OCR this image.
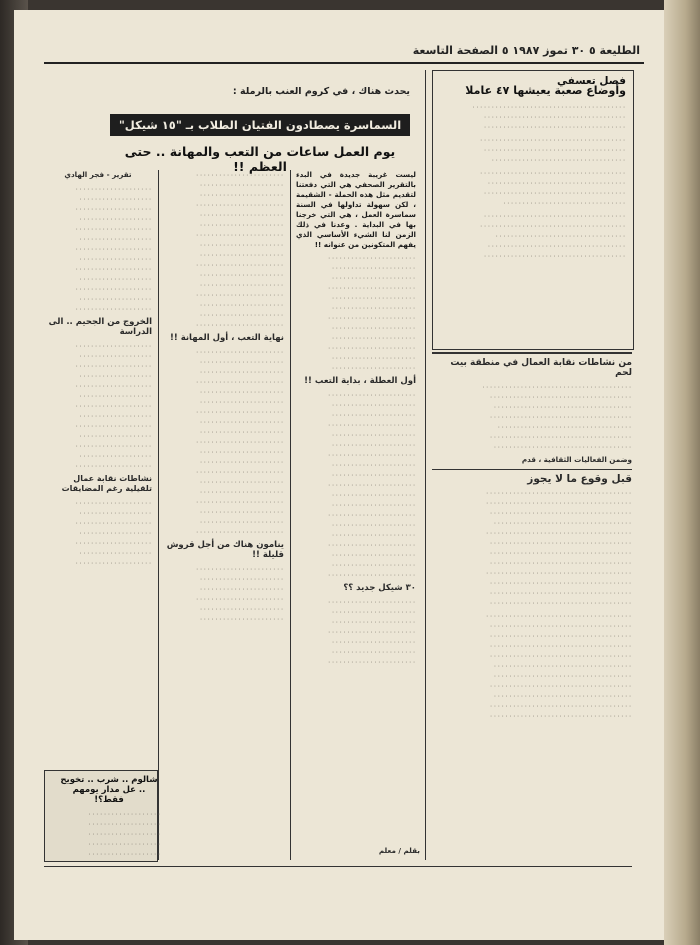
الطليعة ٥ ٣٠ تموز ١٩٨٧ ٥ الصفحة التاسعة
فصل تعسفي
وأوضاع صعبة يعيشها ٤٧ عاملا

٠٠٠٠٠٠٠٠٠٠٠٠٠٠٠٠٠٠٠٠٠٠٠٠٠٠٠٠٠٠٠٠٠٠٠٠٠٠٠٠ ٠٠٠٠٠٠٠٠٠٠٠٠٠٠٠٠٠٠٠٠٠٠٠٠٠٠٠٠٠٠٠٠٠٠٠٠٠ ٠٠٠٠٠٠٠٠٠٠٠٠٠٠٠٠٠٠٠٠٠٠٠٠٠٠٠٠٠٠٠٠٠٠٠٠٠

٠٠٠٠٠٠٠٠٠٠٠٠٠٠٠٠٠٠٠٠٠٠٠٠٠٠٠٠٠٠٠٠٠٠٠٠٠٠ ٠٠٠٠٠٠٠٠٠٠٠٠٠٠٠٠٠٠٠٠٠٠٠٠٠٠٠٠٠٠٠٠٠٠٠٠٠ ٠٠٠٠٠٠٠٠٠٠٠٠٠٠٠٠٠٠٠٠٠٠٠٠٠٠٠٠٠٠٠٠٠٠٠

٠٠٠٠٠٠٠٠٠٠٠٠٠٠٠٠٠٠٠٠٠٠٠٠٠٠٠٠٠٠٠٠٠٠٠٠٠٠ ٠٠٠٠٠٠٠٠٠٠٠٠٠٠٠٠٠٠٠٠٠٠٠٠٠٠٠٠٠٠٠٠٠٠٠٠ ٠٠٠٠٠٠٠٠٠٠٠٠٠٠٠٠٠٠٠٠٠٠٠٠٠٠٠٠٠٠٠٠٠٠٠٠٠ ٠٠٠٠٠٠٠٠٠٠٠٠٠٠٠٠٠٠٠٠٠٠٠٠٠٠٠٠٠٠٠٠

٠٠٠٠٠٠٠٠٠٠٠٠٠٠٠٠٠٠٠٠٠٠٠٠٠٠٠٠٠٠٠٠٠٠٠٠٠ ٠٠٠٠٠٠٠٠٠٠٠٠٠٠٠٠٠٠٠٠٠٠٠٠٠٠٠٠٠٠٠٠٠٠٠٠٠٠ ٠٠٠٠٠٠٠٠٠٠٠٠٠٠٠٠٠٠٠٠٠٠٠٠٠٠٠٠٠٠٠٠٠٠ ٠٠٠٠٠٠٠٠٠٠٠٠٠٠٠٠٠٠٠٠٠٠٠٠٠٠٠٠٠٠٠٠٠٠٠٠ ٠٠٠٠٠٠٠٠٠٠٠٠٠٠٠٠٠٠٠٠٠٠٠٠٠٠٠٠٠٠٠٠٠٠٠٠٠

من نشاطات نقابة العمال في منطقة بيت لحم

٠٠٠٠٠٠٠٠٠٠٠٠٠٠٠٠٠٠٠٠٠٠٠٠٠٠٠٠٠٠٠٠٠٠٠٠٠٠٠ ٠٠٠٠٠٠٠٠٠٠٠٠٠٠٠٠٠٠٠٠٠٠٠٠٠٠٠٠٠٠٠٠٠٠٠٠٠ ٠٠٠٠٠٠٠٠٠٠٠٠٠٠٠٠٠٠٠٠٠٠٠٠٠٠٠٠٠٠٠٠٠٠٠٠ ٠٠٠٠٠٠٠٠٠٠٠٠٠٠٠٠٠٠٠٠٠٠٠٠٠٠٠٠٠٠٠٠٠٠٠٠٠ ٠٠٠٠٠٠٠٠٠٠٠٠٠٠٠٠٠٠٠٠٠٠٠٠٠٠٠٠٠٠٠٠٠٠٠ ٠٠٠٠٠٠٠٠٠٠٠٠٠٠٠٠٠٠٠٠٠٠٠٠٠٠٠٠٠٠٠٠٠٠٠٠٠ ٠٠٠٠٠٠٠٠٠٠٠٠٠٠٠٠٠٠٠٠٠٠٠٠٠٠٠٠٠٠٠٠٠٠٠٠

وضمن الفعاليات الثقافية ، قدم
قبل وقوع ما لا يجوز

٠٠٠٠٠٠٠٠٠٠٠٠٠٠٠٠٠٠٠٠٠٠٠٠٠٠٠٠٠٠٠٠٠٠٠٠٠٠ ٠٠٠٠٠٠٠٠٠٠٠٠٠٠٠٠٠٠٠٠٠٠٠٠٠٠٠٠٠٠٠٠٠٠٠٠٠٠ ٠٠٠٠٠٠٠٠٠٠٠٠٠٠٠٠٠٠٠٠٠٠٠٠٠٠٠٠٠٠٠٠٠٠٠٠٠ ٠٠٠٠٠٠٠٠٠٠٠٠٠٠٠٠٠٠٠٠٠٠٠٠٠٠٠٠٠٠٠٠٠٠٠٠ ٠٠٠٠٠٠٠٠٠٠٠٠٠٠٠٠٠٠٠٠٠٠٠٠٠٠٠٠٠٠٠٠٠٠٠٠٠٠ ٠٠٠٠٠٠٠٠٠٠٠٠٠٠٠٠٠٠٠٠٠٠٠٠٠٠٠٠٠٠٠٠٠٠٠٠٠ ٠٠٠٠٠٠٠٠٠٠٠٠٠٠٠٠٠٠٠٠٠٠٠٠٠٠٠٠٠٠٠٠٠٠٠٠٠ ٠٠٠٠٠٠٠٠٠٠٠٠٠٠٠٠٠٠٠٠٠٠٠٠٠٠٠٠٠٠٠٠٠٠٠٠٠ ٠٠٠٠٠٠٠٠٠٠٠٠٠٠٠٠٠٠٠٠٠٠٠٠٠٠٠٠٠٠٠٠٠٠٠٠٠٠ ٠٠٠٠٠٠٠٠٠٠٠٠٠٠٠٠٠٠٠٠٠٠٠٠٠٠٠٠٠٠٠٠٠٠٠٠٠ ٠٠٠٠٠٠٠٠٠٠٠٠٠٠٠٠٠٠٠٠٠٠٠٠٠٠٠٠٠٠٠٠٠٠٠٠٠ ٠٠٠٠٠٠٠٠٠٠٠٠٠٠٠٠٠٠٠٠٠٠٠٠٠٠٠٠٠٠٠٠٠٠٠٠٠

٠٠٠٠٠٠٠٠٠٠٠٠٠٠٠٠٠٠٠٠٠٠٠٠٠٠٠٠٠٠٠٠٠٠٠٠٠٠ ٠٠٠٠٠٠٠٠٠٠٠٠٠٠٠٠٠٠٠٠٠٠٠٠٠٠٠٠٠٠٠٠٠٠٠٠٠ ٠٠٠٠٠٠٠٠٠٠٠٠٠٠٠٠٠٠٠٠٠٠٠٠٠٠٠٠٠٠٠٠٠٠٠٠٠ ٠٠٠٠٠٠٠٠٠٠٠٠٠٠٠٠٠٠٠٠٠٠٠٠٠٠٠٠٠٠٠٠٠٠٠٠٠ ٠٠٠٠٠٠٠٠٠٠٠٠٠٠٠٠٠٠٠٠٠٠٠٠٠٠٠٠٠٠٠٠٠٠٠٠٠ ٠٠٠٠٠٠٠٠٠٠٠٠٠٠٠٠٠٠٠٠٠٠٠٠٠٠٠٠٠٠٠٠٠٠٠٠ ٠٠٠٠٠٠٠٠٠٠٠٠٠٠٠٠٠٠٠٠٠٠٠٠٠٠٠٠٠٠٠٠٠٠٠٠ ٠٠٠٠٠٠٠٠٠٠٠٠٠٠٠٠٠٠٠٠٠٠٠٠٠٠٠٠٠٠٠٠٠٠٠٠٠ ٠٠٠٠٠٠٠٠٠٠٠٠٠٠٠٠٠٠٠٠٠٠٠٠٠٠٠٠٠٠٠٠٠٠٠٠ ٠٠٠٠٠٠٠٠٠٠٠٠٠٠٠٠٠٠٠٠٠٠٠٠٠٠٠٠٠٠٠٠٠٠٠٠٠ ٠٠٠٠٠٠٠٠٠٠٠٠٠٠٠٠٠٠٠٠٠٠٠٠٠٠٠٠٠٠٠٠٠٠٠٠٠

يحدث هناك ، في كروم العنب بالرملة :
السماسرة يصطادون الفتيان الطلاب بـ "١٥ شيكل"
يوم العمل ساعات من التعب والمهانة .. حتى العظم !!

ليست غريبة جديدة في البدء بالتقرير الصحفي هي التي دفعتنا لتقديم مثل هذه الحملة - الشقيمة ، لكن سهولة تداولها في السنة سماسرة العمل ، هي التي خرجنا بها في البداية . وعدنا في ذلك الزمن لنا الشيء الأساسي الذي يفهم المتكونين من عنوانه !!

٠٠٠٠٠٠٠٠٠٠٠٠٠٠٠٠٠٠٠٠٠٠٠ ٠٠٠٠٠٠٠٠٠٠٠٠٠٠٠٠٠٠٠٠٠٠ ٠٠٠٠٠٠٠٠٠٠٠٠٠٠٠٠٠٠٠٠٠٠ ٠٠٠٠٠٠٠٠٠٠٠٠٠٠٠٠٠٠٠٠٠٠٠ ٠٠٠٠٠٠٠٠٠٠٠٠٠٠٠٠٠٠٠٠٠٠ ٠٠٠٠٠٠٠٠٠٠٠٠٠٠٠٠٠٠٠٠٠٠ ٠٠٠٠٠٠٠٠٠٠٠٠٠٠٠٠٠٠٠٠٠٠٠ ٠٠٠٠٠٠٠٠٠٠٠٠٠٠٠٠٠٠٠٠٠٠ ٠٠٠٠٠٠٠٠٠٠٠٠٠٠٠٠٠٠٠٠٠٠ ٠٠٠٠٠٠٠٠٠٠٠٠٠٠٠٠٠٠٠٠٠٠٠ ٠٠٠٠٠٠٠٠٠٠٠٠٠٠٠٠٠٠٠٠٠٠ ٠٠٠٠٠٠٠٠٠٠٠٠٠٠٠٠٠٠٠٠٠٠

أول العطلة ، بداية التعب !!

٠٠٠٠٠٠٠٠٠٠٠٠٠٠٠٠٠٠٠٠٠٠٠ ٠٠٠٠٠٠٠٠٠٠٠٠٠٠٠٠٠٠٠٠٠٠ ٠٠٠٠٠٠٠٠٠٠٠٠٠٠٠٠٠٠٠٠٠٠ ٠٠٠٠٠٠٠٠٠٠٠٠٠٠٠٠٠٠٠٠٠٠٠ ٠٠٠٠٠٠٠٠٠٠٠٠٠٠٠٠٠٠٠٠٠٠ ٠٠٠٠٠٠٠٠٠٠٠٠٠٠٠٠٠٠٠٠٠٠ ٠٠٠٠٠٠٠٠٠٠٠٠٠٠٠٠٠٠٠٠٠٠٠ ٠٠٠٠٠٠٠٠٠٠٠٠٠٠٠٠٠٠٠٠٠٠ ٠٠٠٠٠٠٠٠٠٠٠٠٠٠٠٠٠٠٠٠٠٠ ٠٠٠٠٠٠٠٠٠٠٠٠٠٠٠٠٠٠٠٠٠٠٠ ٠٠٠٠٠٠٠٠٠٠٠٠٠٠٠٠٠٠٠٠٠٠ ٠٠٠٠٠٠٠٠٠٠٠٠٠٠٠٠٠٠٠٠٠٠ ٠٠٠٠٠٠٠٠٠٠٠٠٠٠٠٠٠٠٠٠٠٠٠ ٠٠٠٠٠٠٠٠٠٠٠٠٠٠٠٠٠٠٠٠٠٠ ٠٠٠٠٠٠٠٠٠٠٠٠٠٠٠٠٠٠٠٠٠٠ ٠٠٠٠٠٠٠٠٠٠٠٠٠٠٠٠٠٠٠٠٠٠٠ ٠٠٠٠٠٠٠٠٠٠٠٠٠٠٠٠٠٠٠٠٠٠ ٠٠٠٠٠٠٠٠٠٠٠٠٠٠٠٠٠٠٠٠٠٠ ٠٠٠٠٠٠٠٠٠٠٠٠٠٠٠٠٠٠٠٠٠٠٠

٣٠ شيكل جديد ؟؟

٠٠٠٠٠٠٠٠٠٠٠٠٠٠٠٠٠٠٠٠٠٠٠ ٠٠٠٠٠٠٠٠٠٠٠٠٠٠٠٠٠٠٠٠٠٠ ٠٠٠٠٠٠٠٠٠٠٠٠٠٠٠٠٠٠٠٠٠٠ ٠٠٠٠٠٠٠٠٠٠٠٠٠٠٠٠٠٠٠٠٠٠٠ ٠٠٠٠٠٠٠٠٠٠٠٠٠٠٠٠٠٠٠٠٠٠ ٠٠٠٠٠٠٠٠٠٠٠٠٠٠٠٠٠٠٠٠٠٠ ٠٠٠٠٠٠٠٠٠٠٠٠٠٠٠٠٠٠٠٠٠٠٠

٠٠٠٠٠٠٠٠٠٠٠٠٠٠٠٠٠٠٠٠٠٠٠ ٠٠٠٠٠٠٠٠٠٠٠٠٠٠٠٠٠٠٠٠٠٠ ٠٠٠٠٠٠٠٠٠٠٠٠٠٠٠٠٠٠٠٠٠٠ ٠٠٠٠٠٠٠٠٠٠٠٠٠٠٠٠٠٠٠٠٠٠٠ ٠٠٠٠٠٠٠٠٠٠٠٠٠٠٠٠٠٠٠٠٠٠ ٠٠٠٠٠٠٠٠٠٠٠٠٠٠٠٠٠٠٠٠٠٠ ٠٠٠٠٠٠٠٠٠٠٠٠٠٠٠٠٠٠٠٠٠٠٠ ٠٠٠٠٠٠٠٠٠٠٠٠٠٠٠٠٠٠٠٠٠٠ ٠٠٠٠٠٠٠٠٠٠٠٠٠٠٠٠٠٠٠٠٠٠ ٠٠٠٠٠٠٠٠٠٠٠٠٠٠٠٠٠٠٠٠٠٠٠ ٠٠٠٠٠٠٠٠٠٠٠٠٠٠٠٠٠٠٠٠٠٠ ٠٠٠٠٠٠٠٠٠٠٠٠٠٠٠٠٠٠٠٠٠٠ ٠٠٠٠٠٠٠٠٠٠٠٠٠٠٠٠٠٠٠٠٠٠٠ ٠٠٠٠٠٠٠٠٠٠٠٠٠٠٠٠٠٠٠٠٠٠ ٠٠٠٠٠٠٠٠٠٠٠٠٠٠٠٠٠٠٠٠٠٠ ٠٠٠٠٠٠٠٠٠٠٠٠٠٠٠٠٠٠٠٠٠٠٠

نهاية التعب ، أول المهانة !!

٠٠٠٠٠٠٠٠٠٠٠٠٠٠٠٠٠٠٠٠٠٠٠ ٠٠٠٠٠٠٠٠٠٠٠٠٠٠٠٠٠٠٠٠٠٠ ٠٠٠٠٠٠٠٠٠٠٠٠٠٠٠٠٠٠٠٠٠٠ ٠٠٠٠٠٠٠٠٠٠٠٠٠٠٠٠٠٠٠٠٠٠٠ ٠٠٠٠٠٠٠٠٠٠٠٠٠٠٠٠٠٠٠٠٠٠ ٠٠٠٠٠٠٠٠٠٠٠٠٠٠٠٠٠٠٠٠٠٠ ٠٠٠٠٠٠٠٠٠٠٠٠٠٠٠٠٠٠٠٠٠٠٠ ٠٠٠٠٠٠٠٠٠٠٠٠٠٠٠٠٠٠٠٠٠٠ ٠٠٠٠٠٠٠٠٠٠٠٠٠٠٠٠٠٠٠٠٠٠ ٠٠٠٠٠٠٠٠٠٠٠٠٠٠٠٠٠٠٠٠٠٠٠ ٠٠٠٠٠٠٠٠٠٠٠٠٠٠٠٠٠٠٠٠٠٠ ٠٠٠٠٠٠٠٠٠٠٠٠٠٠٠٠٠٠٠٠٠٠ ٠٠٠٠٠٠٠٠٠٠٠٠٠٠٠٠٠٠٠٠٠٠٠ ٠٠٠٠٠٠٠٠٠٠٠٠٠٠٠٠٠٠٠٠٠٠ ٠٠٠٠٠٠٠٠٠٠٠٠٠٠٠٠٠٠٠٠٠٠ ٠٠٠٠٠٠٠٠٠٠٠٠٠٠٠٠٠٠٠٠٠٠٠ ٠٠٠٠٠٠٠٠٠٠٠٠٠٠٠٠٠٠٠٠٠٠ ٠٠٠٠٠٠٠٠٠٠٠٠٠٠٠٠٠٠٠٠٠٠ ٠٠٠٠٠٠٠٠٠٠٠٠٠٠٠٠٠٠٠٠٠٠٠

ينامون هناك من أجل قروش قليلة !!

٠٠٠٠٠٠٠٠٠٠٠٠٠٠٠٠٠٠٠٠٠٠٠ ٠٠٠٠٠٠٠٠٠٠٠٠٠٠٠٠٠٠٠٠٠٠ ٠٠٠٠٠٠٠٠٠٠٠٠٠٠٠٠٠٠٠٠٠٠ ٠٠٠٠٠٠٠٠٠٠٠٠٠٠٠٠٠٠٠٠٠٠٠ ٠٠٠٠٠٠٠٠٠٠٠٠٠٠٠٠٠٠٠٠٠٠ ٠٠٠٠٠٠٠٠٠٠٠٠٠٠٠٠٠٠٠٠٠٠

تقرير - فجر الهادي

٠٠٠٠٠٠٠٠٠٠٠٠٠٠٠٠٠٠٠٠ ٠٠٠٠٠٠٠٠٠٠٠٠٠٠٠٠٠٠٠ ٠٠٠٠٠٠٠٠٠٠٠٠٠٠٠٠٠٠٠٠ ٠٠٠٠٠٠٠٠٠٠٠٠٠٠٠٠٠٠٠ ٠٠٠٠٠٠٠٠٠٠٠٠٠٠٠٠٠٠٠٠ ٠٠٠٠٠٠٠٠٠٠٠٠٠٠٠٠٠٠٠ ٠٠٠٠٠٠٠٠٠٠٠٠٠٠٠٠٠٠٠٠ ٠٠٠٠٠٠٠٠٠٠٠٠٠٠٠٠٠٠٠ ٠٠٠٠٠٠٠٠٠٠٠٠٠٠٠٠٠٠٠٠ ٠٠٠٠٠٠٠٠٠٠٠٠٠٠٠٠٠٠٠ ٠٠٠٠٠٠٠٠٠٠٠٠٠٠٠٠٠٠٠٠ ٠٠٠٠٠٠٠٠٠٠٠٠٠٠٠٠٠٠٠ ٠٠٠٠٠٠٠٠٠٠٠٠٠٠٠٠٠٠٠٠

الخروج من الجحيم .. الى الدراسة

٠٠٠٠٠٠٠٠٠٠٠٠٠٠٠٠٠٠٠٠ ٠٠٠٠٠٠٠٠٠٠٠٠٠٠٠٠٠٠٠ ٠٠٠٠٠٠٠٠٠٠٠٠٠٠٠٠٠٠٠٠ ٠٠٠٠٠٠٠٠٠٠٠٠٠٠٠٠٠٠٠ ٠٠٠٠٠٠٠٠٠٠٠٠٠٠٠٠٠٠٠٠ ٠٠٠٠٠٠٠٠٠٠٠٠٠٠٠٠٠٠٠ ٠٠٠٠٠٠٠٠٠٠٠٠٠٠٠٠٠٠٠٠ ٠٠٠٠٠٠٠٠٠٠٠٠٠٠٠٠٠٠٠ ٠٠٠٠٠٠٠٠٠٠٠٠٠٠٠٠٠٠٠٠ ٠٠٠٠٠٠٠٠٠٠٠٠٠٠٠٠٠٠٠ ٠٠٠٠٠٠٠٠٠٠٠٠٠٠٠٠٠٠٠٠ ٠٠٠٠٠٠٠٠٠٠٠٠٠٠٠٠٠٠٠ ٠٠٠٠٠٠٠٠٠٠٠٠٠٠٠٠٠٠٠٠

نشاطات نقابة عمال تلقيلية رغم المضايقات

٠٠٠٠٠٠٠٠٠٠٠٠٠٠٠٠٠٠٠٠ ٠٠٠٠٠٠٠٠٠٠٠٠٠٠٠٠٠٠٠ ٠٠٠٠٠٠٠٠٠٠٠٠٠٠٠٠٠٠٠٠ ٠٠٠٠٠٠٠٠٠٠٠٠٠٠٠٠٠٠٠ ٠٠٠٠٠٠٠٠٠٠٠٠٠٠٠٠٠٠٠٠ ٠٠٠٠٠٠٠٠٠٠٠٠٠٠٠٠٠٠٠ ٠٠٠٠٠٠٠٠٠٠٠٠٠٠٠٠٠٠٠٠

شالوم .. شرب .. تخويح .. عل مدار يومهم فقط؟!

٠٠٠٠٠٠٠٠٠٠٠٠٠٠٠٠٠٠٠ ٠٠٠٠٠٠٠٠٠٠٠٠٠٠٠٠٠٠٠ ٠٠٠٠٠٠٠٠٠٠٠٠٠٠٠٠٠٠٠ ٠٠٠٠٠٠٠٠٠٠٠٠٠٠٠٠٠٠٠ ٠٠٠٠٠٠٠٠٠٠٠٠٠٠٠٠٠٠٠	بقلم / معلم
